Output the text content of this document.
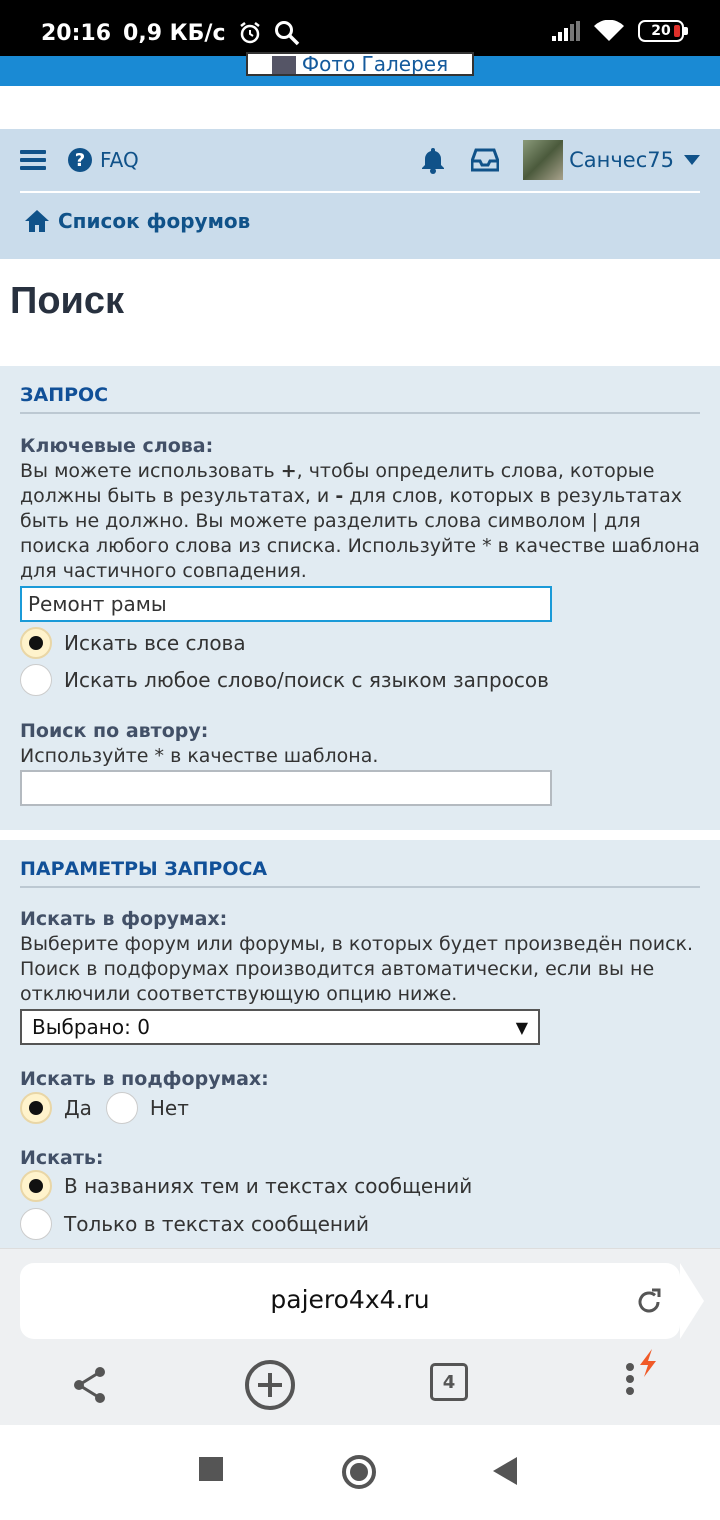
20:16 0,9 КБ/с	20
Фото Галерея
? FAQ	Санчес75
Список форумов
Поиск
ЗАПРОС
Ключевые слова:
Вы можете использовать +, чтобы определить слова, которые должны быть в результатах, и - для слов, которых в результатах быть не должно. Вы можете разделить слова символом | для поиска любого слова из списка. Используйте * в качестве шаблона для частичного совпадения.
Ремонт рамы
Искать все слова
Искать любое слово/поиск с языком запросов
Поиск по автору:
Используйте * в качестве шаблона.
ПАРАМЕТРЫ ЗАПРОСА
Искать в форумах:
Выберите форум или форумы, в которых будет произведён поиск. Поиск в подфорумах производится автоматически, если вы не отключили соответствующую опцию ниже.
Выбрано: 0	▼
Искать в подфорумах:
Да	Нет
Искать:
В названиях тем и текстах сообщений
Только в текстах сообщений
pajero4x4.ru
4
